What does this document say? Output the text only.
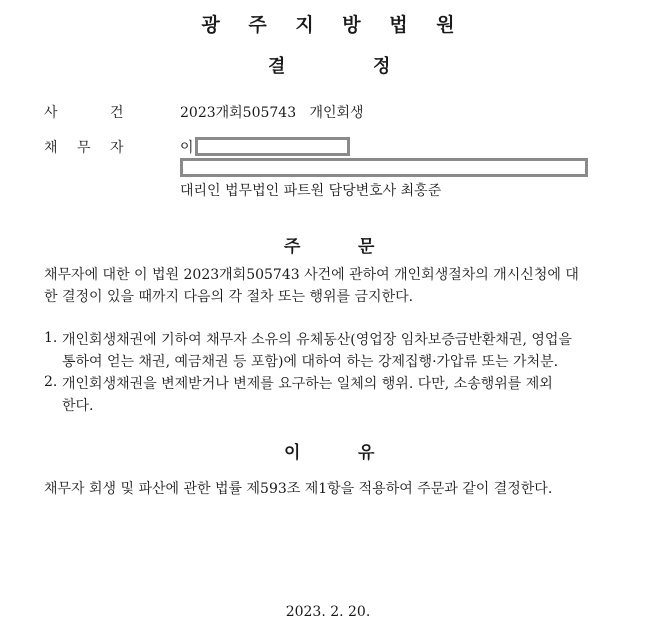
광 주 지 방 법 원
결	정
사	건	2023개회505743   개인회생
채 무 자	이
대리인 법무법인 파트원 담당변호사 최홍준
주	문
채무자에 대한 이 법원 2023개회505743 사건에 관하여 개인회생절차의 개시신청에 대
한 결정이 있을 때까지 다음의 각 절차 또는 행위를 금지한다.
1. 개인회생채권에 기하여 채무자 소유의 유체동산(영업장 임차보증금반환채권, 영업을
통하여 얻는 채권, 예금채권 등 포함)에 대하여 하는 강제집행·가압류 또는 가처분.
2. 개인회생채권을 변제받거나 변제를 요구하는 일체의 행위. 다만, 소송행위를 제외
한다.
이	유
채무자 회생 및 파산에 관한 법률 제593조 제1항을 적용하여 주문과 같이 결정한다.
2023. 2. 20.
